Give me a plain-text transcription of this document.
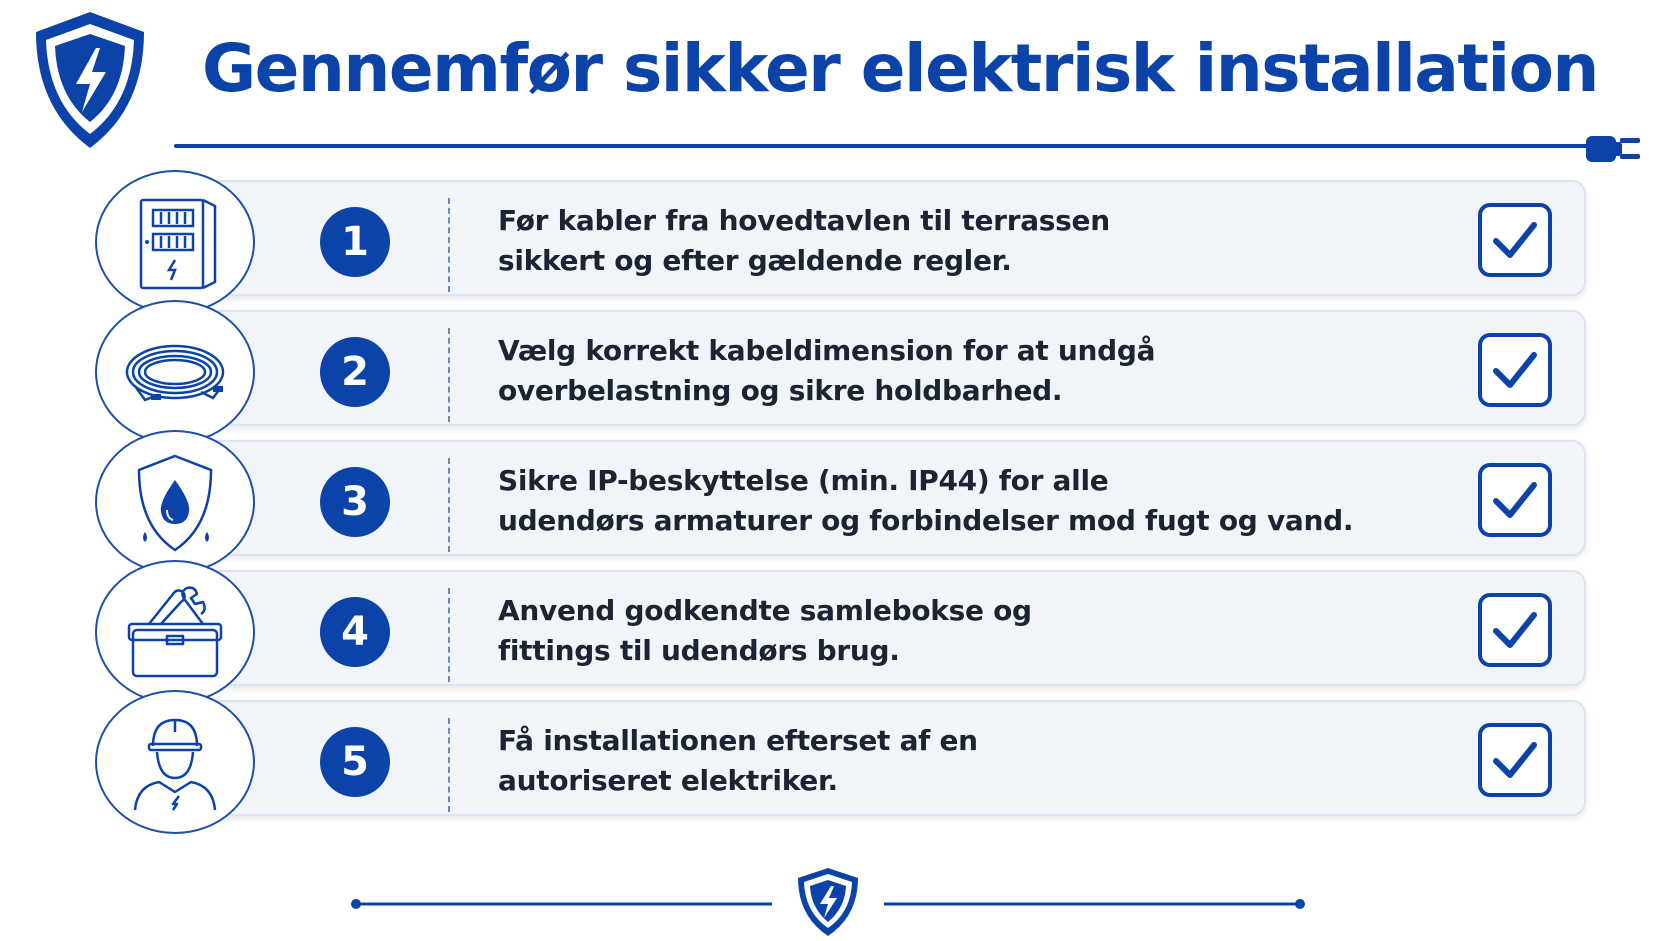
Gennemfør sikker elektrisk installation
1	Før kabler fra hovedtavlen til terrassen
sikkert og efter gældende regler.

2	Vælg korrekt kabeldimension for at undgå
overbelastning og sikre holdbarhed.

3	Sikre IP-beskyttelse (min. IP44) for alle
udendørs armaturer og forbindelser mod fugt og vand.

4	Anvend godkendte samlebokse og
fittings til udendørs brug.

5	Få installationen efterset af en
autoriseret elektriker.
